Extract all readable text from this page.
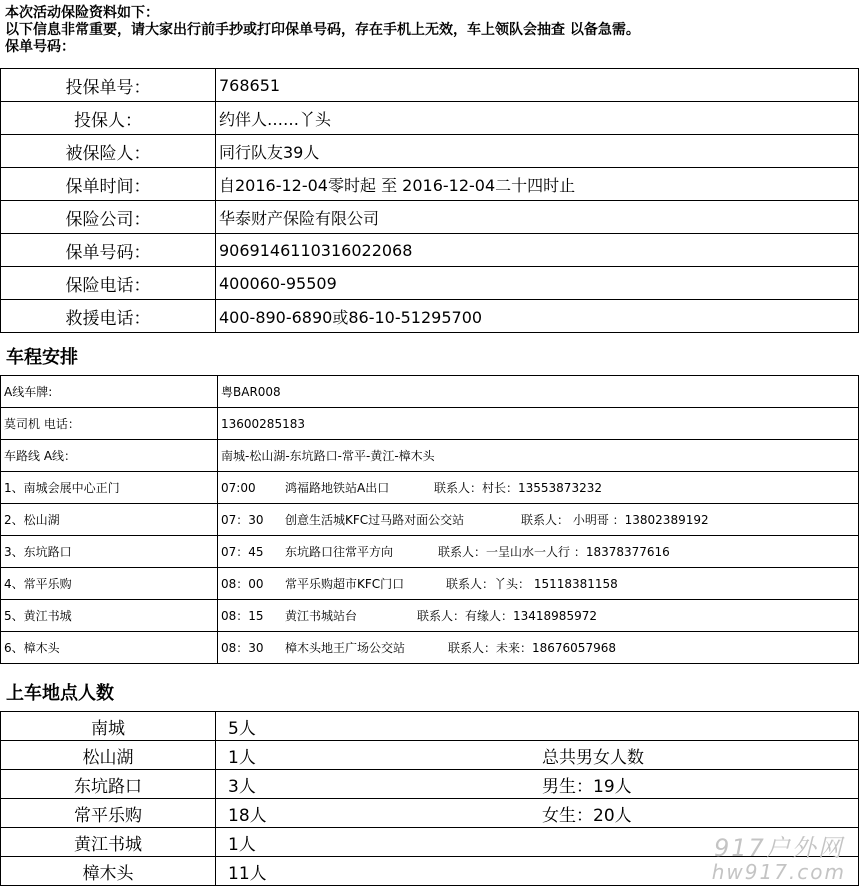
本次活动保险资料如下：
以下信息非常重要，请大家出行前手抄或打印保单号码，存在手机上无效，车上领队会抽查 以备急需。
保单号码：
投保单号：	768651
投保人：	约伴人……丫头
被保险人：	同行队友39人
保单时间：	自2016-12-04零时起 至 2016-12-04二十四时止
保险公司：	华泰财产保险有限公司
保单号码：	9069146110316022068
保险电话：	400060-95509
救援电话：	400-890-6890或86-10-51295700
车程安排
A线车牌:	粤BAR008
莫司机 电话：	13600285183
车路线 A线：	南城-松山湖-东坑路口-常平-黄江-樟木头
1、南城会展中心正门	07:00 鸿福路地铁站A出口 联系人：村长：13553873232
2、松山湖	07：30 创意生活城KFC过马路对面公交站 联系人： 小明哥 ：13802389192
3、东坑路口	07：45 东坑路口往常平方向 联系人：一呈山水一人行 ：18378377616
4、常平乐购	08：00 常平乐购超市KFC门口 联系人：丫头： 15118381158
5、黄江书城	08：15 黄江书城站台 联系人：有缘人：13418985972
6、樟木头	08：30 樟木头地王广场公交站 联系人：未来：18676057968
上车地点人数
南城	5人	
松山湖	1人	总共男女人数
东坑路口	3人	男生：19人
常平乐购	18人	女生：20人
黄江书城	1人	
樟木头	11人	
917户外网
hw917.com
